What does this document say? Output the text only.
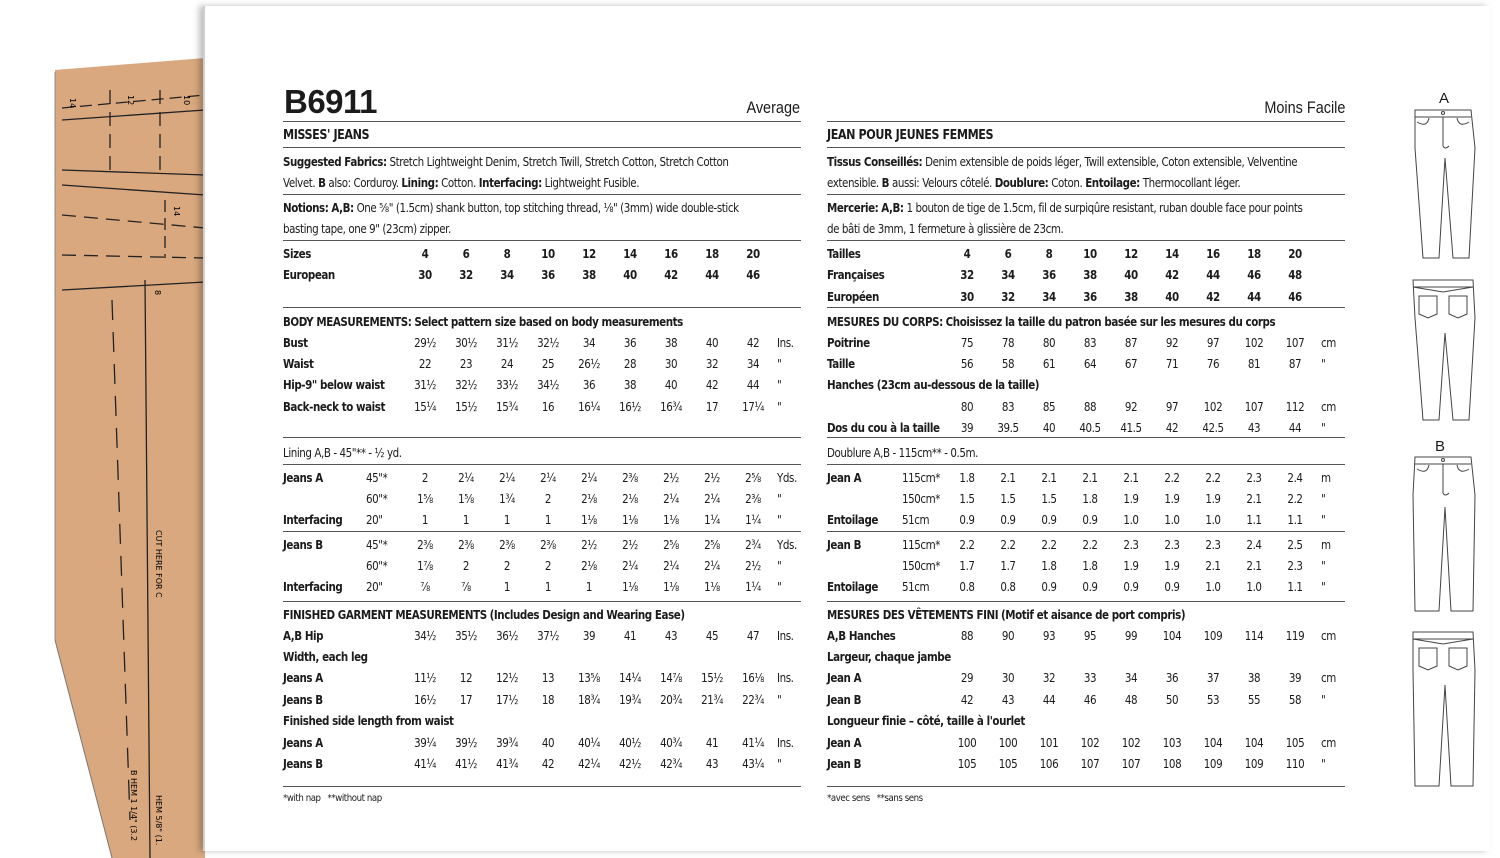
14	12	10
14
8
CUT HERE FOR C
B HEM 1 1/4" (3.2 HEM 5/8" (1.
B6911	Average	Moins Facile
MISSES' JEANS
Suggested Fabrics: Stretch Lightweight Denim, Stretch Twill, Stretch Cotton, Stretch Cotton
Velvet. B also: Corduroy. Lining: Cotton. Interfacing: Lightweight Fusible.
Notions: A,B: One ⅝" (1.5cm) shank button, top stitching thread, ⅛" (3mm) wide double-stick
basting tape, one 9" (23cm) zipper.
Sizes	4	6	8	10	12	14	16	18	20
European	30	32	34	36	38	40	42	44	46
BODY MEASUREMENTS: Select pattern size based on body measurements
Bust	29½	30½	31½	32½	34	36	38	40	42	Ins.
Waist	22	23	24	25	26½	28	30	32	34	"
Hip-9" below waist	31½	32½	33½	34½	36	38	40	42	44	"
Back-neck to waist	15¼	15½	15¾	16	16¼	16½	16¾	17	17¼	"
Lining A,B - 45"** - ½ yd.
Jeans A	45"*	2	2¼	2¼	2¼	2¼	2⅜	2½	2½	2⅝	Yds.
60"*	1⅝	1⅝	1¾	2	2⅛	2⅛	2¼	2¼	2⅜	"
Interfacing 20"	1	1	1	1	1⅛	1⅛	1⅛	1¼	1¼	"
Jeans B	45"*	2⅜	2⅜	2⅜	2⅜	2½	2½	2⅝	2⅝	2¾	Yds.
60"*	1⅞	2	2	2	2⅛	2¼	2¼	2¼	2½	"
Interfacing 20"	⅞	⅞	1	1	1	1⅛	1⅛	1⅛	1¼	"
FINISHED GARMENT MEASUREMENTS (Includes Design and Wearing Ease)
A,B Hip	34½	35½	36½	37½	39	41	43	45	47	Ins.
Width, each leg
Jeans A	11½	12	12½	13	13⅝	14¼	14⅞	15½	16⅛	Ins.
Jeans B	16½	17	17½	18	18¾	19¾	20¾	21¾	22¾	"
Finished side length from waist
Jeans A	39¼	39½	39¾	40	40¼	40½	40¾	41	41¼	Ins.
Jeans B	41¼	41½	41¾	42	42¼	42½	42¾	43	43¼	"
*with nap   **without nap
JEAN POUR JEUNES FEMMES
Tissus Conseillés: Denim extensible de poids léger, Twill extensible, Coton extensible, Velventine
extensible. B aussi: Velours côtelé. Doublure: Coton. Entoilage: Thermocollant léger.
Mercerie: A,B: 1 bouton de tige de 1.5cm, fil de surpiqûre resistant, ruban double face pour points
de bâti de 3mm, 1 fermeture à glissière de 23cm.
Tailles	4	6	8	10	12	14	16	18	20
Françaises	32	34	36	38	40	42	44	46	48
Européen	30	32	34	36	38	40	42	44	46
MESURES DU CORPS: Choisissez la taille du patron basée sur les mesures du corps
Poitrine	75	78	80	83	87	92	97	102	107	cm
Taille	56	58	61	64	67	71	76	81	87	"
Hanches (23cm au-dessous de la taille)
80	83	85	88	92	97	102	107	112	cm
Dos du cou à la taille	39	39.5	40	40.5	41.5	42	42.5	43	44	"
Doublure A,B - 115cm** - 0.5m.
Jean A	115cm*	1.8	2.1	2.1	2.1	2.1	2.2	2.2	2.3	2.4	m
150cm*	1.5	1.5	1.5	1.8	1.9	1.9	1.9	2.1	2.2	"
Entoilage 51cm	0.9	0.9	0.9	0.9	1.0	1.0	1.0	1.1	1.1	"
Jean B	115cm*	2.2	2.2	2.2	2.2	2.3	2.3	2.3	2.4	2.5	m
150cm*	1.7	1.7	1.8	1.8	1.9	1.9	2.1	2.1	2.3	"
Entoilage 51cm	0.8	0.8	0.9	0.9	0.9	0.9	1.0	1.0	1.1	"
MESURES DES VÊTEMENTS FINI (Motif et aisance de port compris)
A,B Hanches	88	90	93	95	99	104	109	114	119	cm
Largeur, chaque jambe
Jean A	29	30	32	33	34	36	37	38	39	cm
Jean B	42	43	44	46	48	50	53	55	58	"
Longueur finie – côté, taille à l'ourlet
Jean A	100	100	101	102	102	103	104	104	105	cm
Jean B	105	105	106	107	107	108	109	109	110	"
*avec sens   **sans sens
A
B
